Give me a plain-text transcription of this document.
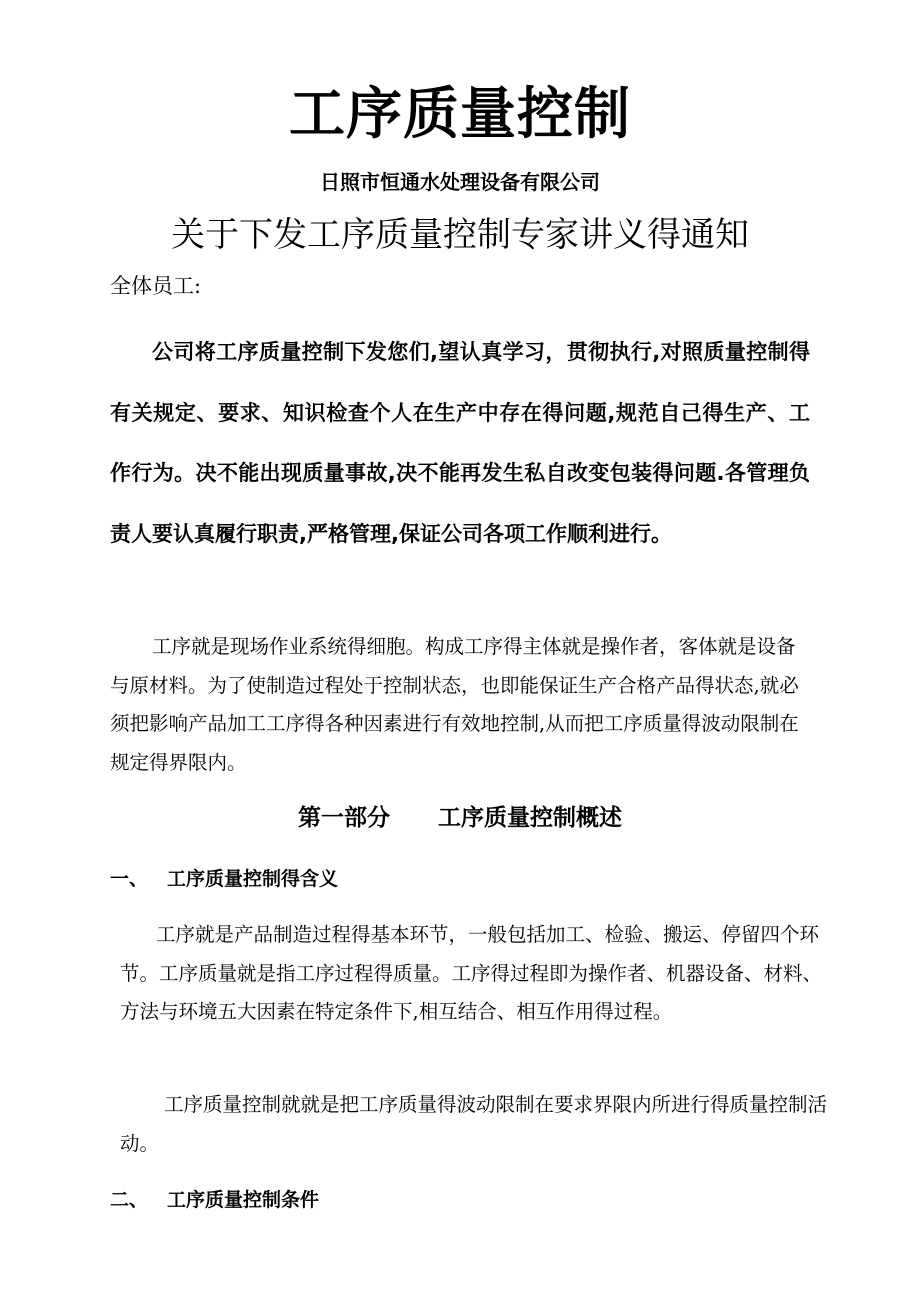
工序质量控制
日照市恒通水处理设备有限公司
关于下发工序质量控制专家讲义得通知
全体员工:

公司将工序质量控制下发您们,望认真学习，贯彻执行,对照质量控制得有关规定、要求、知识检查个人在生产中存在得问题,规范自己得生产、工作行为。决不能出现质量事故,决不能再发生私自改变包装得问题.各管理负责人要认真履行职责,严格管理,保证公司各项工作顺利进行。

工序就是现场作业系统得细胞。构成工序得主体就是操作者，客体就是设备与原材料。为了使制造过程处于控制状态，也即能保证生产合格产品得状态,就必须把影响产品加工工序得各种因素进行有效地控制,从而把工序质量得波动限制在规定得界限内。

第一部分      工序质量控制概述
一、 工序质量控制得含义

工序就是产品制造过程得基本环节，一般包括加工、检验、搬运、停留四个环节。工序质量就是指工序过程得质量。工序得过程即为操作者、机器设备、材料、方法与环境五大因素在特定条件下,相互结合、相互作用得过程。

工序质量控制就就是把工序质量得波动限制在要求界限内所进行得质量控制活动。

二、 工序质量控制条件
